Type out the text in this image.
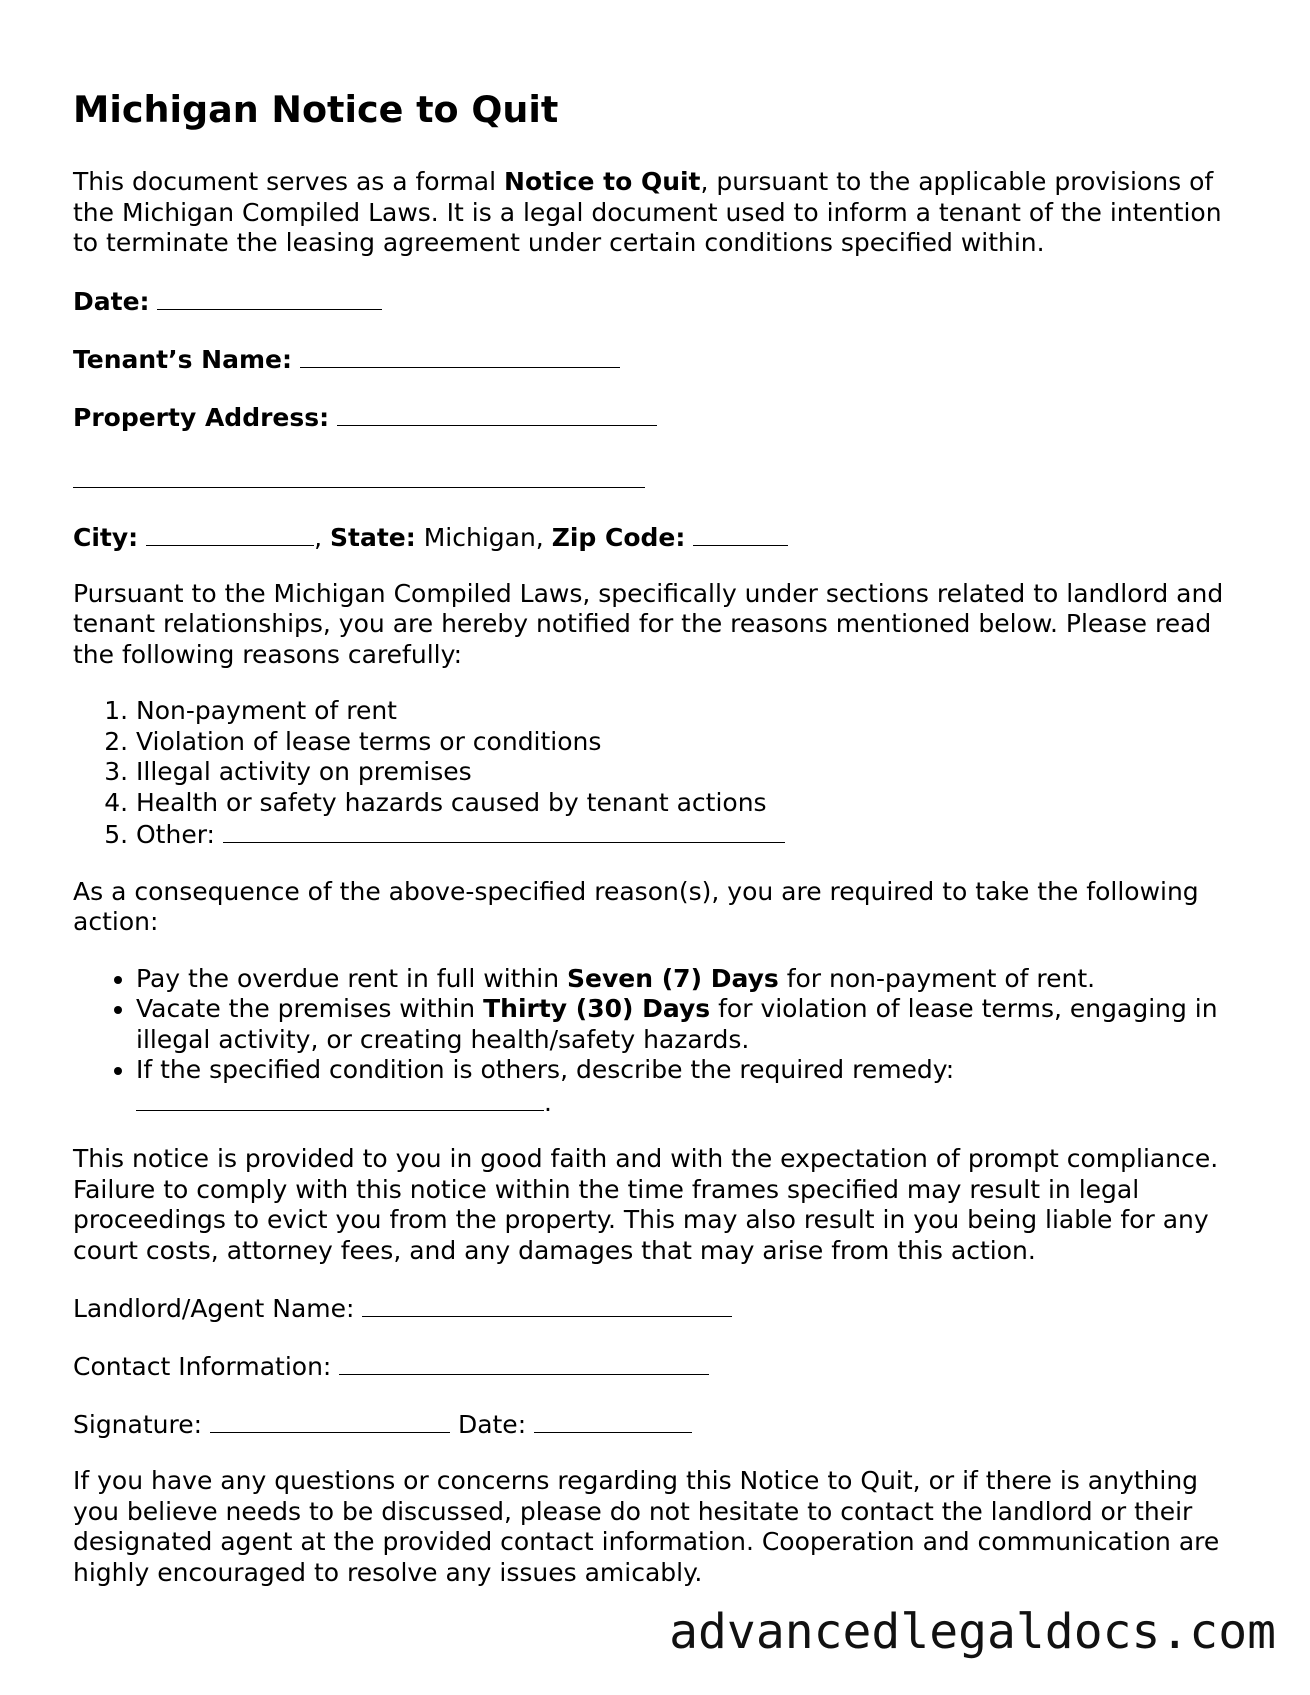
Michigan Notice to Quit

This document serves as a formal Notice to Quit, pursuant to the applicable provisions of the Michigan Compiled Laws. It is a legal document used to inform a tenant of the intention to terminate the leasing agreement under certain conditions specified within.

Date:
Tenant’s Name:
Property Address:
City:	, State: Michigan, Zip Code:

Pursuant to the Michigan Compiled Laws, specifically under sections related to landlord and tenant relationships, you are hereby notified for the reasons mentioned below. Please read the following reasons carefully:

1. Non-payment of rent
2. Violation of lease terms or conditions
3. Illegal activity on premises
4. Health or safety hazards caused by tenant actions
5. Other:

As a consequence of the above-specified reason(s), you are required to take the following action:

• Pay the overdue rent in full within Seven (7) Days for non-payment of rent.
• Vacate the premises within Thirty (30) Days for violation of lease terms, engaging in illegal activity, or creating health/safety hazards.
• If the specified condition is others, describe the required remedy:
.

This notice is provided to you in good faith and with the expectation of prompt compliance. Failure to comply with this notice within the time frames specified may result in legal proceedings to evict you from the property. This may also result in you being liable for any court costs, attorney fees, and any damages that may arise from this action.

Landlord/Agent Name:
Contact Information:
Signature:	Date:

If you have any questions or concerns regarding this Notice to Quit, or if there is anything you believe needs to be discussed, please do not hesitate to contact the landlord or their designated agent at the provided contact information. Cooperation and communication are highly encouraged to resolve any issues amicably.

advancedlegaldocs.com
